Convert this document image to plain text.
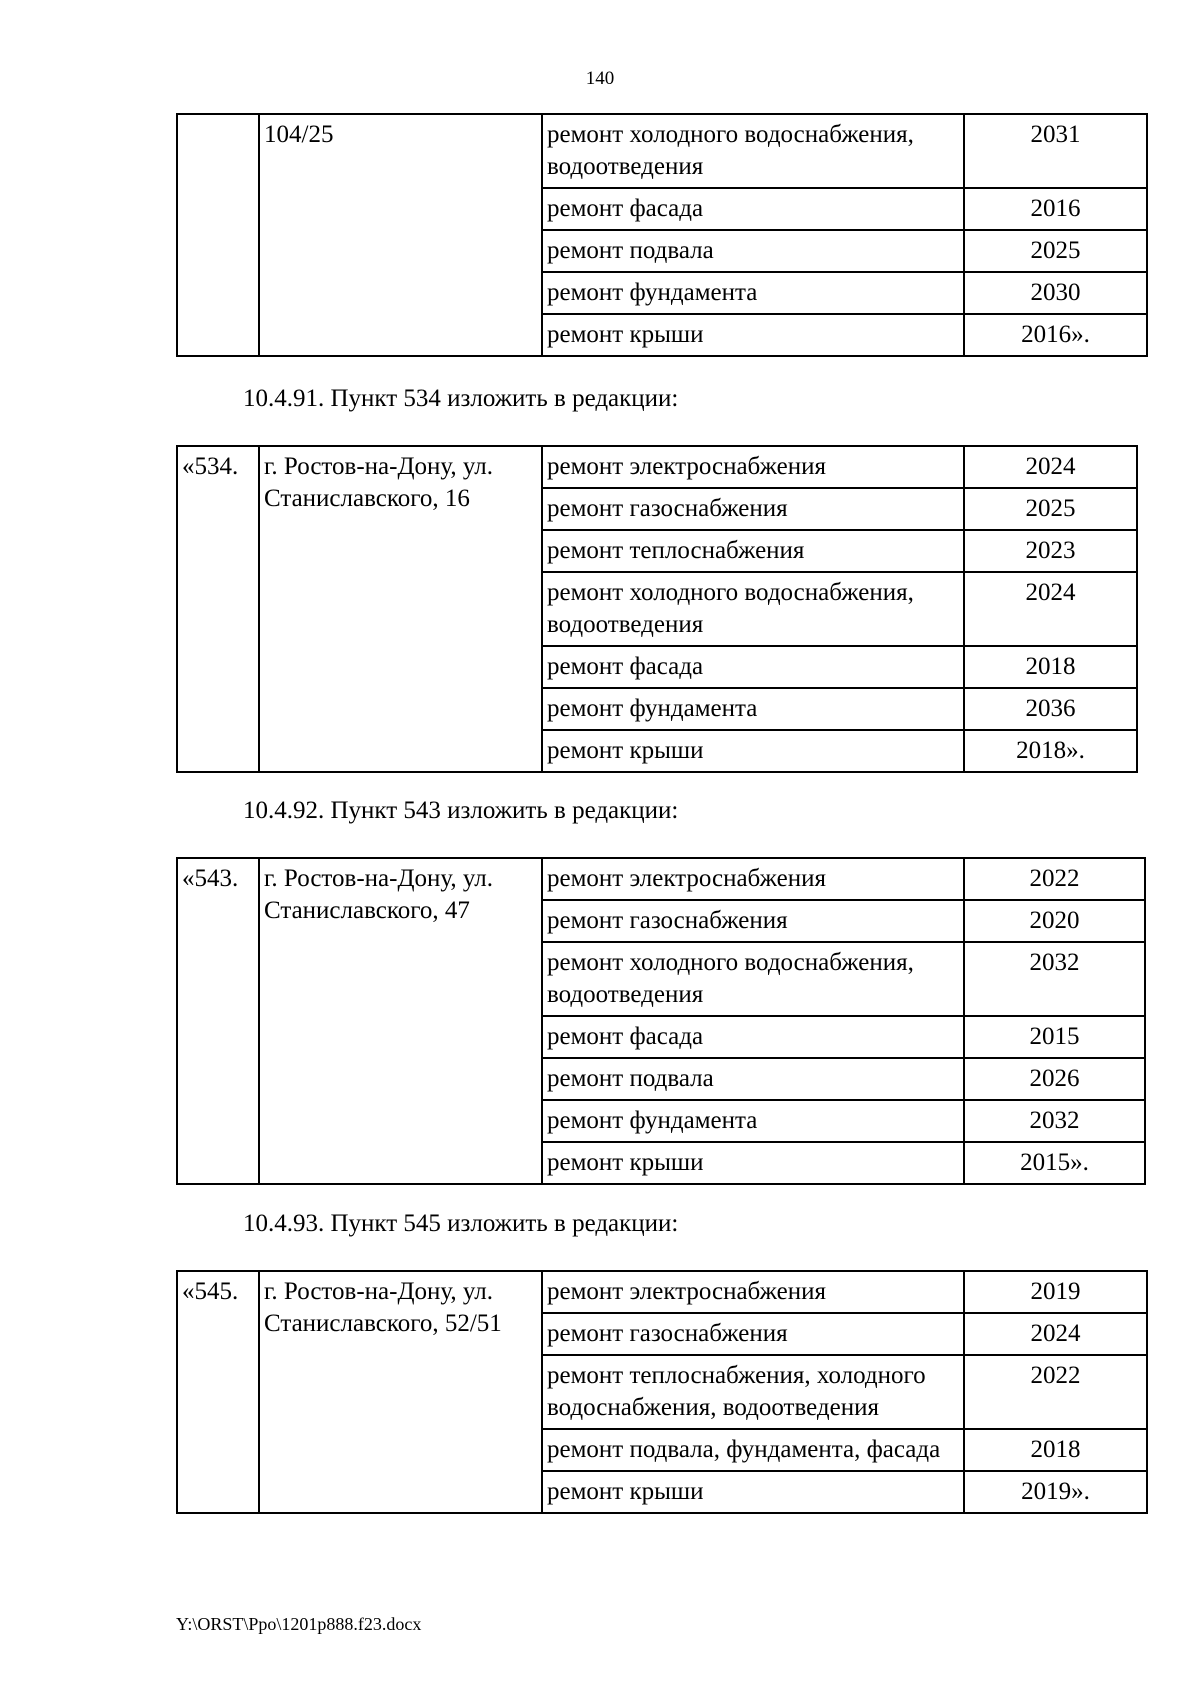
140
	104/25	ремонт холодного водоснабжения, водоотведения	2031
		ремонт фасада	2016
		ремонт подвала	2025
		ремонт фундамента	2030
		ремонт крыши	2016».
10.4.91. Пункт 534 изложить в редакции:
«534.	г. Ростов-на-Дону, ул. Станиславского, 16	ремонт электроснабжения	2024
		ремонт газоснабжения	2025
		ремонт теплоснабжения	2023
		ремонт холодного водоснабжения, водоотведения	2024
		ремонт фасада	2018
		ремонт фундамента	2036
		ремонт крыши	2018».
10.4.92. Пункт 543 изложить в редакции:
«543.	г. Ростов-на-Дону, ул. Станиславского, 47	ремонт электроснабжения	2022
		ремонт газоснабжения	2020
		ремонт холодного водоснабжения, водоотведения	2032
		ремонт фасада	2015
		ремонт подвала	2026
		ремонт фундамента	2032
		ремонт крыши	2015».
10.4.93. Пункт 545 изложить в редакции:
«545.	г. Ростов-на-Дону, ул. Станиславского, 52/51	ремонт электроснабжения	2019
		ремонт газоснабжения	2024
		ремонт теплоснабжения, холодного водоснабжения, водоотведения	2022
		ремонт подвала, фундамента, фасада	2018
		ремонт крыши	2019».
Y:\ORST\Ppo\1201p888.f23.docx
